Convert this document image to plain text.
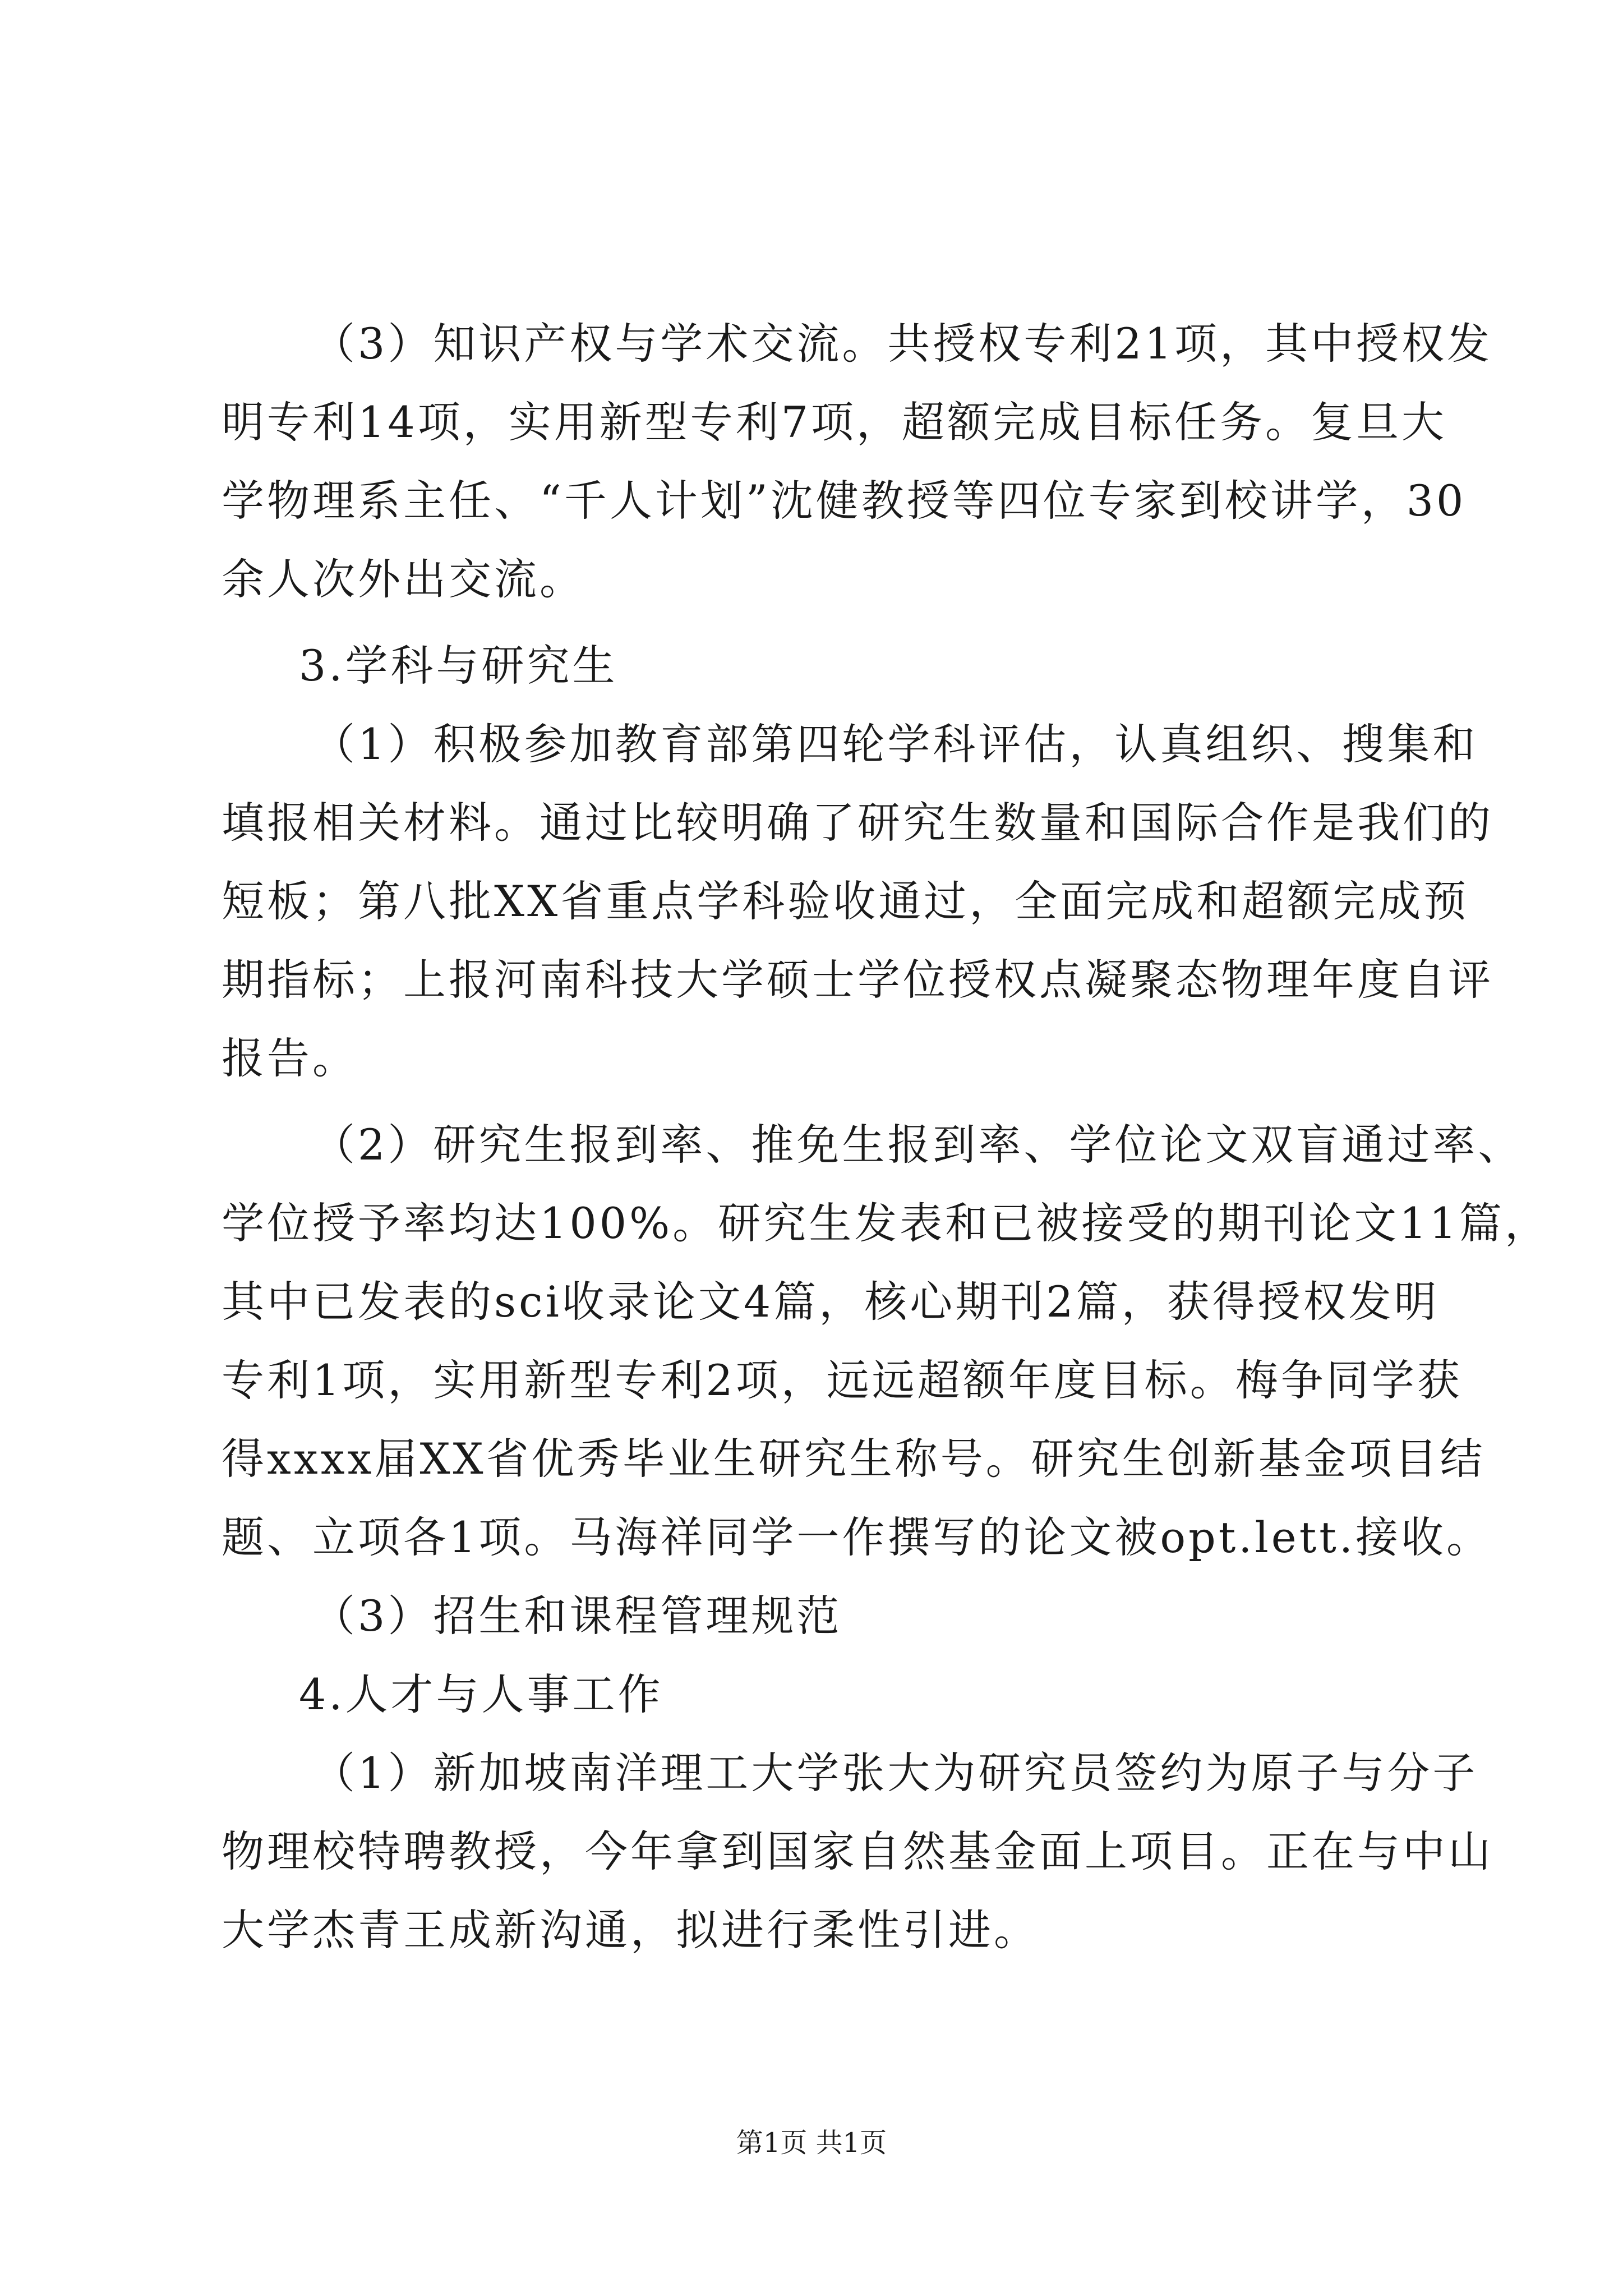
（3）知识产权与学术交流。共授权专利21项，其中授权发
明专利14项，实用新型专利7项，超额完成目标任务。复旦大
学物理系主任、“千人计划”沈健教授等四位专家到校讲学，30
余人次外出交流。
3.学科与研究生
（1）积极参加教育部第四轮学科评估，认真组织、搜集和
填报相关材料。通过比较明确了研究生数量和国际合作是我们的
短板；第八批XX省重点学科验收通过，全面完成和超额完成预
期指标；上报河南科技大学硕士学位授权点凝聚态物理年度自评
报告。
（2）研究生报到率、推免生报到率、学位论文双盲通过率、
学位授予率均达100%。研究生发表和已被接受的期刊论文11篇，
其中已发表的sci收录论文4篇，核心期刊2篇，获得授权发明
专利1项，实用新型专利2项，远远超额年度目标。梅争同学获
得xxxx届XX省优秀毕业生研究生称号。研究生创新基金项目结
题、立项各1项。马海祥同学一作撰写的论文被opt.lett.接收。
（3）招生和课程管理规范
4.人才与人事工作
（1）新加坡南洋理工大学张大为研究员签约为原子与分子
物理校特聘教授，今年拿到国家自然基金面上项目。正在与中山
大学杰青王成新沟通，拟进行柔性引进。
第1页 共1页
